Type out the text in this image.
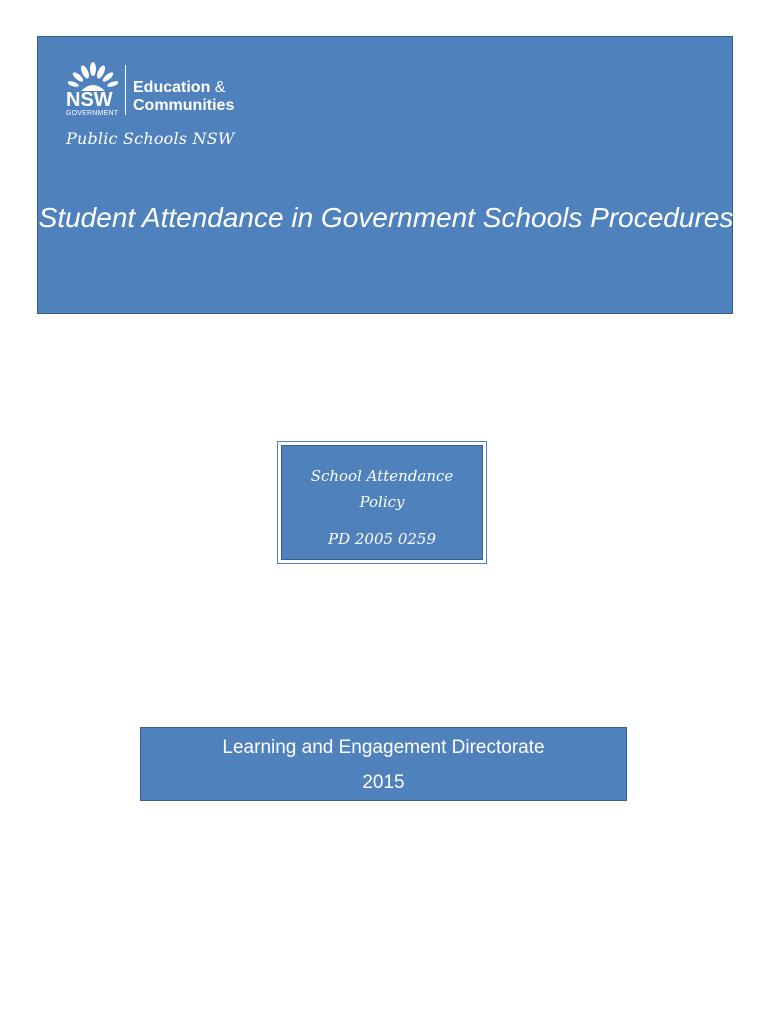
NSW
GOVERNMENT
Education &
Communities
Public Schools NSW
Student Attendance in Government Schools Procedures
School Attendance Policy
PD 2005 0259
Learning and Engagement Directorate
2015
